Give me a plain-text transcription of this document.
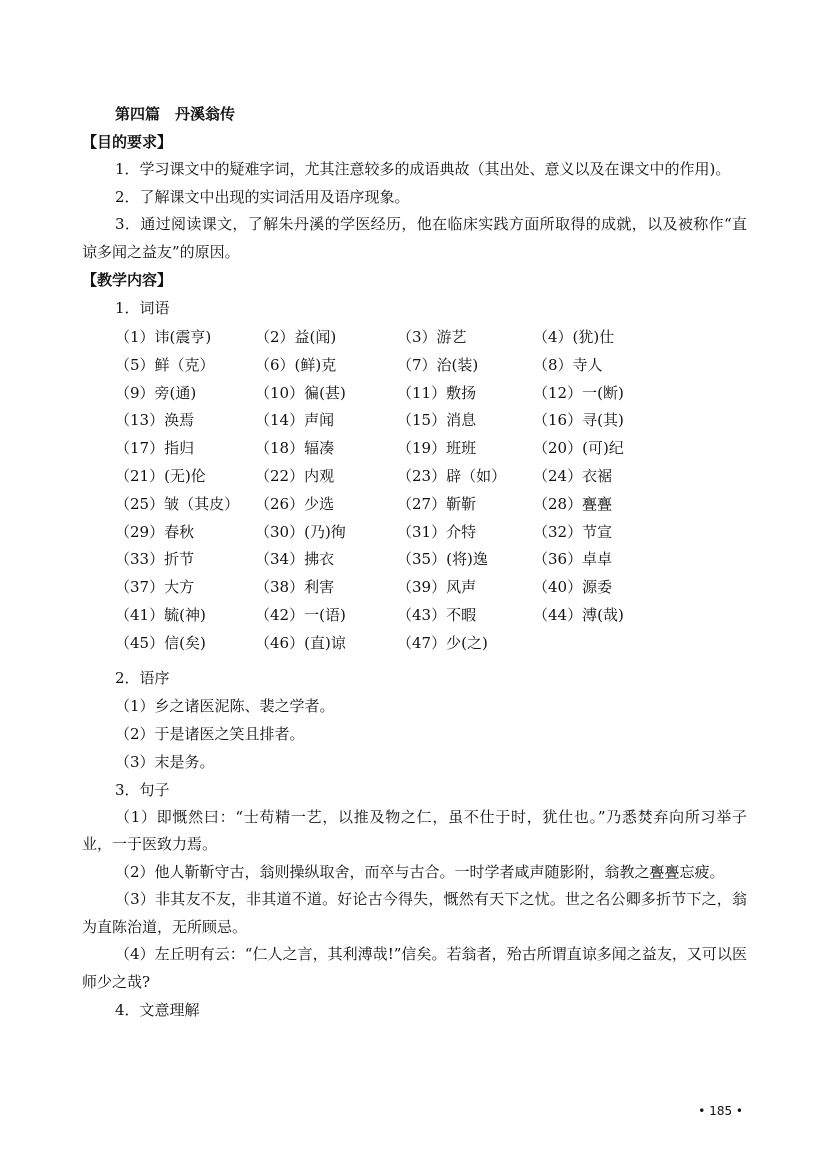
第四篇　丹溪翁传
【目的要求】
1．学习课文中的疑难字词，尤其注意较多的成语典故（其出处、意义以及在课文中的作用)。
2．了解课文中出现的实词活用及语序现象。
3．通过阅读课文，了解朱丹溪的学医经历，他在临床实践方面所取得的成就，以及被称作“直谅多闻之益友”的原因。
【教学内容】
1．词语
（1）讳(震亨)	（2）益(闻)	（3）游艺	（4）(犹)仕
（5）鲜（克）	（6）(鲜)克	（7）治(装)	（8）寺人
（9）旁(通)	（10）徧(甚)	（11）敷扬	（12）一(断)
（13）涣焉	（14）声闻	（15）消息	（16）寻(其)
（17）指归	（18）辐凑	（19）班班	（20）(可)纪
（21）(无)伦	（22）内观	（23）辟（如）	（24）衣裾
（25）皱（其皮）	（26）少选	（27）靳靳	（28）亹亹
（29）春秋	（30）(乃)徇	（31）介特	（32）节宣
（33）折节	（34）拂衣	（35）(将)逸	（36）卓卓
（37）大方	（38）利害	（39）风声	（40）源委
（41）毓(神)	（42）一(语)	（43）不暇	（44）溥(哉)
（45）信(矣)	（46）(直)谅	（47）少(之)
2．语序
（1）乡之诸医泥陈、裴之学者。
（2）于是诸医之笑且排者。
（3）末是务。
3．句子
（1）即慨然曰：“士苟精一艺，以推及物之仁，虽不仕于时，犹仕也。”乃悉焚弃向所习举子业，一于医致力焉。
（2）他人靳靳守古，翁则操纵取舍，而卒与古合。一时学者咸声随影附，翁教之亹亹忘疲。
（3）非其友不友，非其道不道。好论古今得失，慨然有天下之忧。世之名公卿多折节下之，翁为直陈治道，无所顾忌。
（4）左丘明有云：“仁人之言，其利溥哉!”信矣。若翁者，殆古所谓直谅多闻之益友，又可以医师少之哉?
4．文意理解
• 185 •
